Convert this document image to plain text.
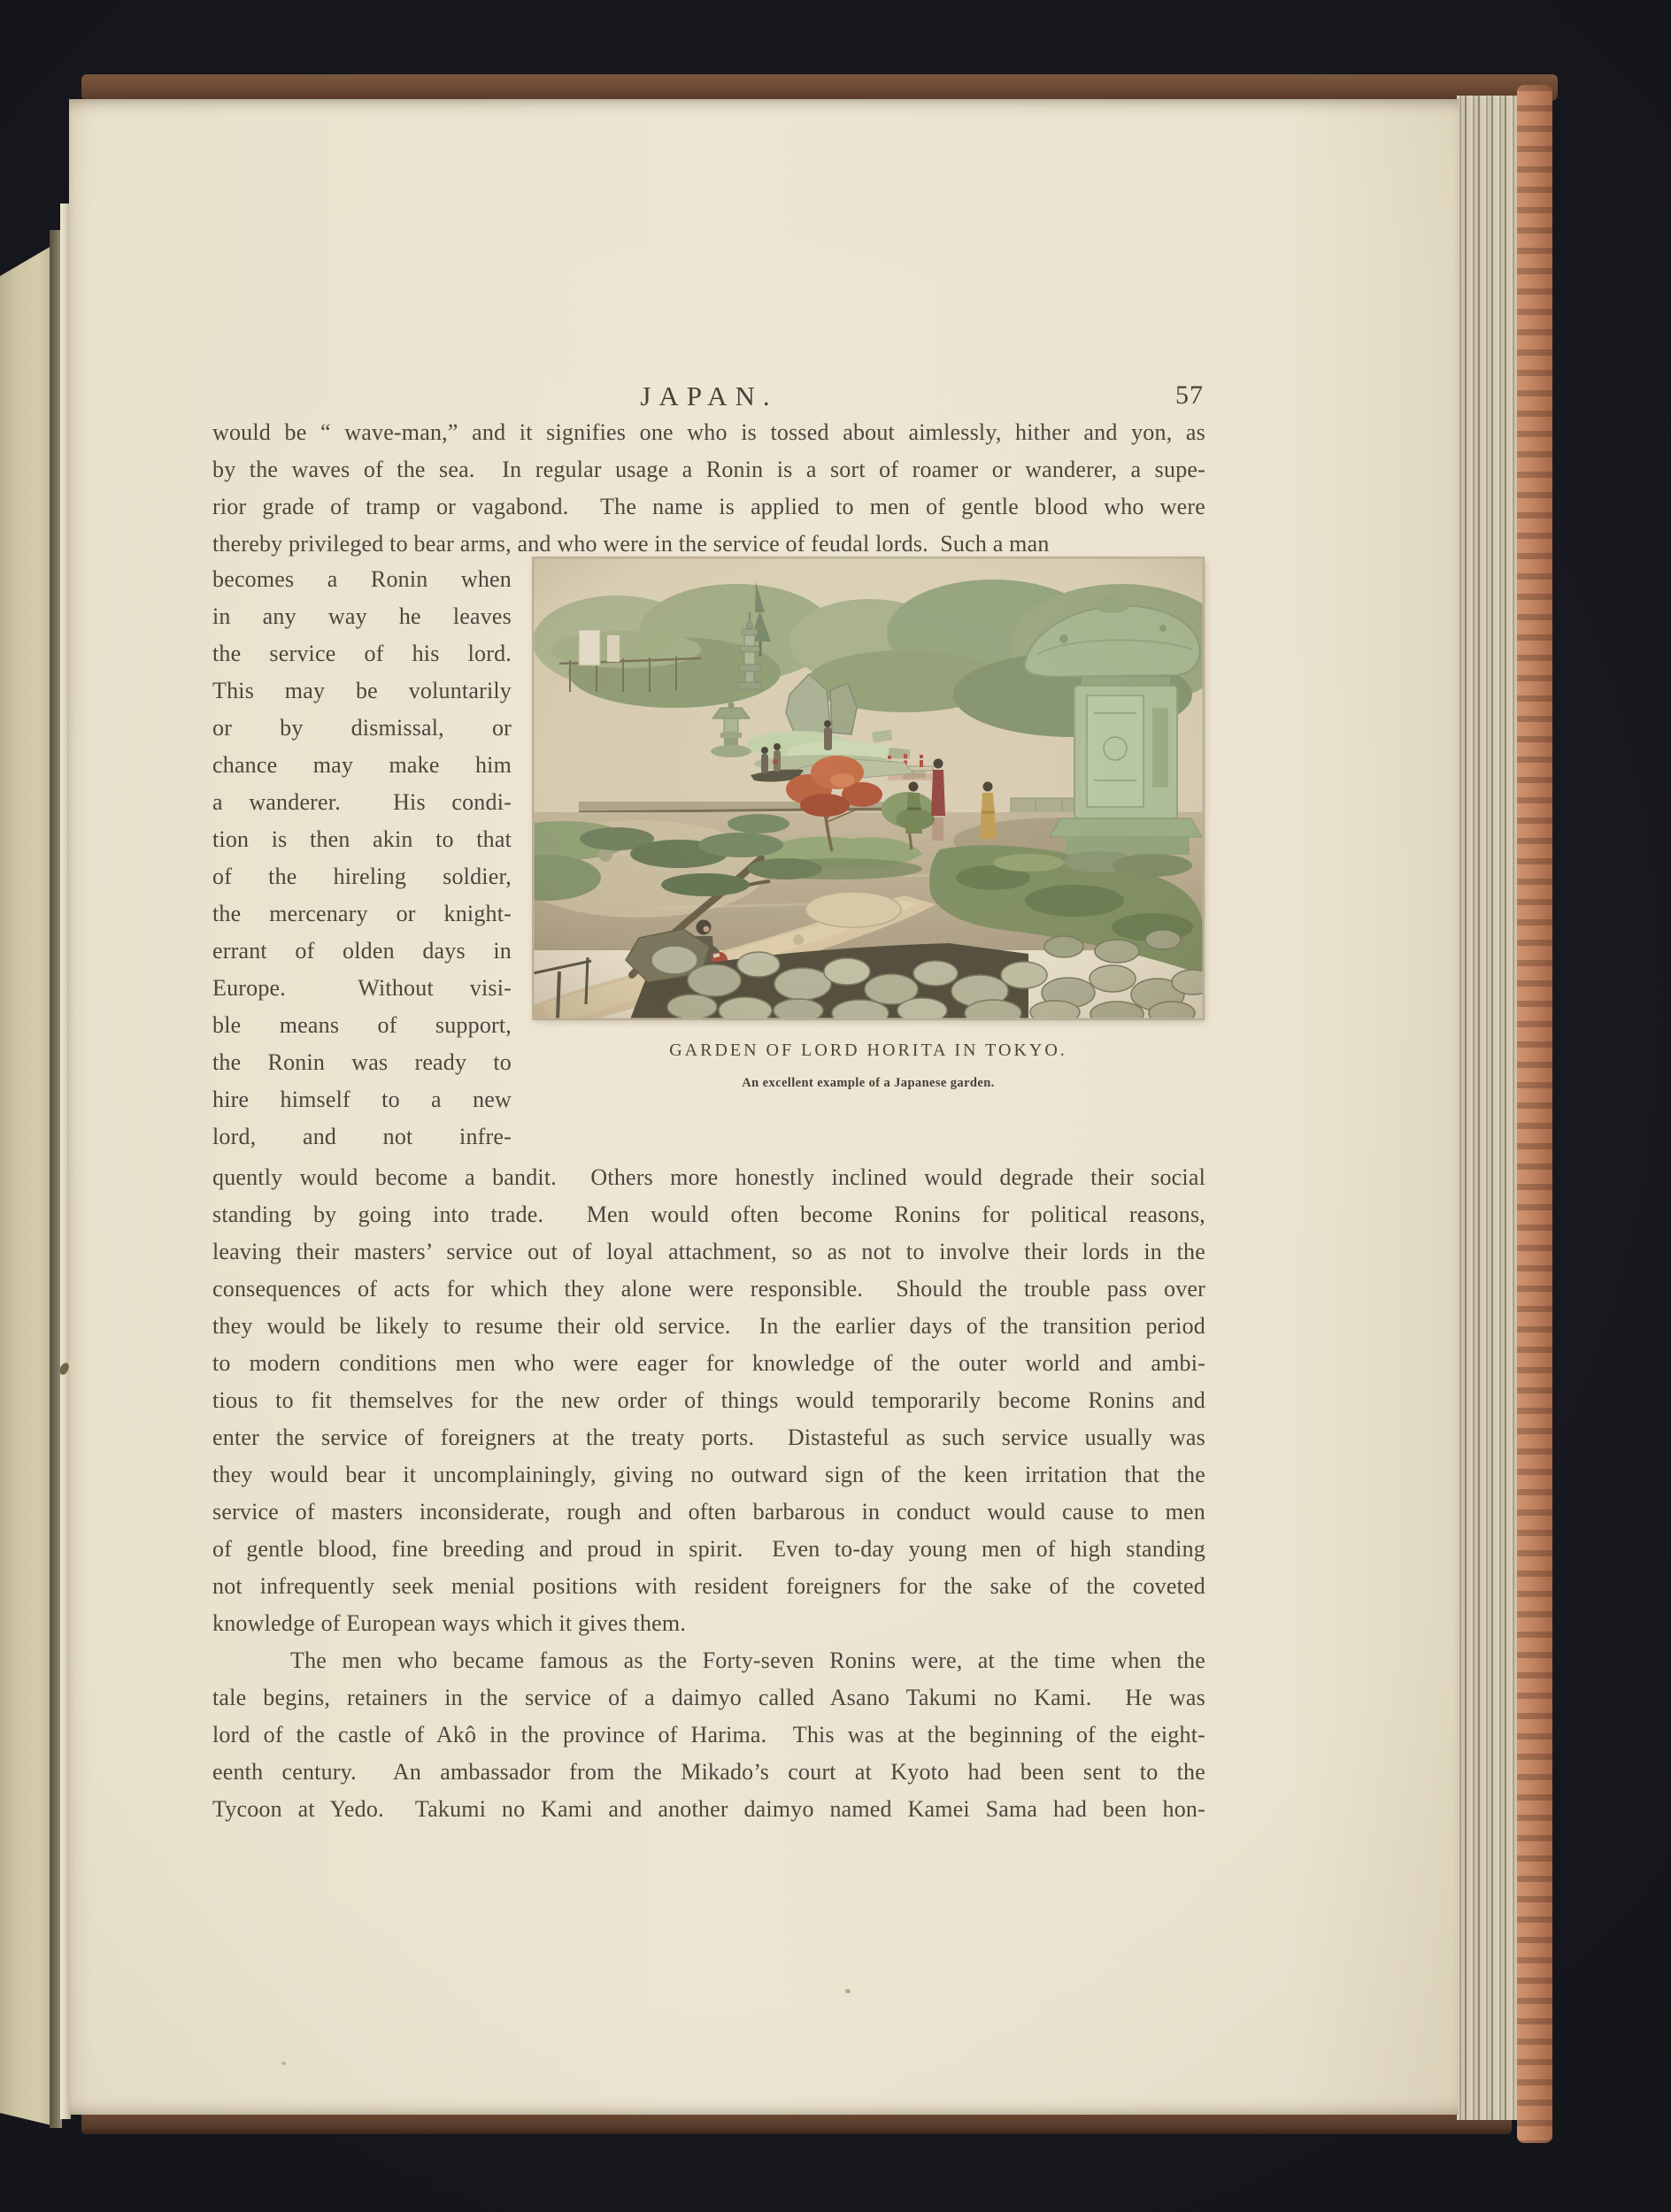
JAPAN.	57
would be “ wave-man,” and it signifies one who is tossed about aimlessly, hither and yon, as
by the waves of the sea.  In regular usage a Ronin is a sort of roamer or wanderer, a supe-
rior grade of tramp or vagabond.  The name is applied to men of gentle blood who were
thereby privileged to bear arms, and who were in the service of feudal lords.  Such a man
becomes a Ronin when
in any way he leaves
the service of his lord.
This may be voluntarily
or by dismissal, or
chance may make him
a wanderer.  His condi-
tion is then akin to that
of the hireling soldier,
the mercenary or knight-
errant of olden days in
Europe.  Without visi-
ble means of support,
the Ronin was ready to
hire himself to a new
lord, and not infre-
GARDEN OF LORD HORITA IN TOKYO.
An excellent example of a Japanese garden.
quently would become a bandit.  Others more honestly inclined would degrade their social
standing by going into trade.  Men would often become Ronins for political reasons,
leaving their masters’ service out of loyal attachment, so as not to involve their lords in the
consequences of acts for which they alone were responsible.  Should the trouble pass over
they would be likely to resume their old service.  In the earlier days of the transition period
to modern conditions men who were eager for knowledge of the outer world and ambi-
tious to fit themselves for the new order of things would temporarily become Ronins and
enter the service of foreigners at the treaty ports.  Distasteful as such service usually was
they would bear it uncomplainingly, giving no outward sign of the keen irritation that the
service of masters inconsiderate, rough and often barbarous in conduct would cause to men
of gentle blood, fine breeding and proud in spirit.  Even to-day young men of high standing
not infrequently seek menial positions with resident foreigners for the sake of the coveted
knowledge of European ways which it gives them.
The men who became famous as the Forty-seven Ronins were, at the time when the
tale begins, retainers in the service of a daimyo called Asano Takumi no Kami.  He was
lord of the castle of Akô in the province of Harima.  This was at the beginning of the eight-
eenth century.  An ambassador from the Mikado’s court at Kyoto had been sent to the
Tycoon at Yedo.  Takumi no Kami and another daimyo named Kamei Sama had been hon-
